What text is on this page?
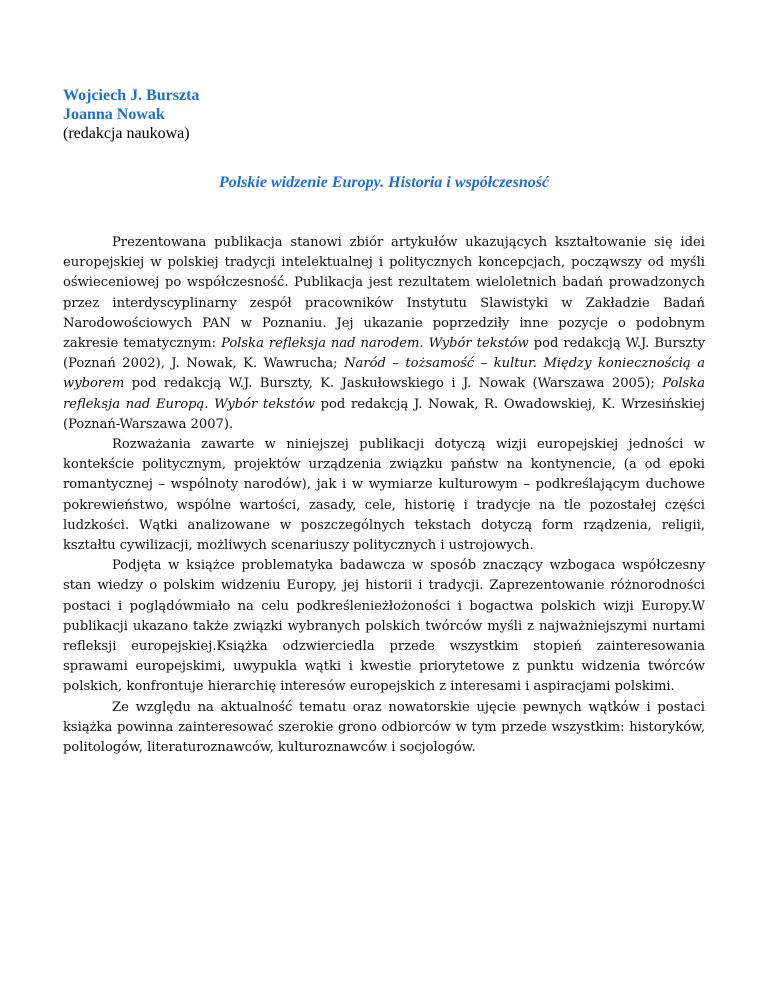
Wojciech J. Burszta
Joanna Nowak
(redakcja naukowa)
Polskie widzenie Europy. Historia i współczesność

Prezentowana publikacja stanowi zbiór artykułów ukazujących kształtowanie się idei europejskiej w polskiej tradycji intelektualnej i politycznych koncepcjach, począwszy od myśli oświeceniowej po współczesność. Publikacja jest rezultatem wieloletnich badań prowadzonych przez interdyscyplinarny zespół pracowników Instytutu Slawistyki w Zakładzie Badań Narodowościowych PAN w Poznaniu. Jej ukazanie poprzedziły inne pozycje o podobnym zakresie tematycznym: Polska refleksja nad narodem. Wybór tekstów pod redakcją W.J. Burszty (Poznań 2002), J. Nowak, K. Wawrucha; Naród – tożsamość – kultur. Między koniecznością a wyborem pod redakcją W.J. Burszty, K. Jaskułowskiego i J. Nowak (Warszawa 2005); Polska refleksja nad Europą. Wybór tekstów pod redakcją J. Nowak, R. Owadowskiej, K. Wrzesińskiej (Poznań-Warszawa 2007).

Rozważania zawarte w niniejszej publikacji dotyczą wizji europejskiej jedności w kontekście politycznym, projektów urządzenia związku państw na kontynencie, (a od epoki romantycznej – wspólnoty narodów), jak i w wymiarze kulturowym – podkreślającym duchowe pokrewieństwo, wspólne wartości, zasady, cele, historię i tradycje na tle pozostałej części ludzkości. Wątki analizowane w poszczególnych tekstach dotyczą form rządzenia, religii, kształtu cywilizacji, możliwych scenariuszy politycznych i ustrojowych.

Podjęta w książce problematyka badawcza w sposób znaczący wzbogaca współczesny stan wiedzy o polskim widzeniu Europy, jej historii i tradycji. Zaprezentowanie różnorodności postaci i poglądówmiało na celu podkreślenieżłożoności i bogactwa polskich wizji Europy.W publikacji ukazano także związki wybranych polskich twórców myśli z najważniejszymi nurtami refleksji europejskiej.Książka odzwierciedla przede wszystkim stopień zainteresowania sprawami europejskimi, uwypukla wątki i kwestie priorytetowe z punktu widzenia twórców polskich, konfrontuje hierarchię interesów europejskich z interesami i aspiracjami polskimi.

Ze względu na aktualność tematu oraz nowatorskie ujęcie pewnych wątków i postaci książka powinna zainteresować szerokie grono odbiorców w tym przede wszystkim: historyków, politologów, literaturoznawców, kulturoznawców i socjologów.
